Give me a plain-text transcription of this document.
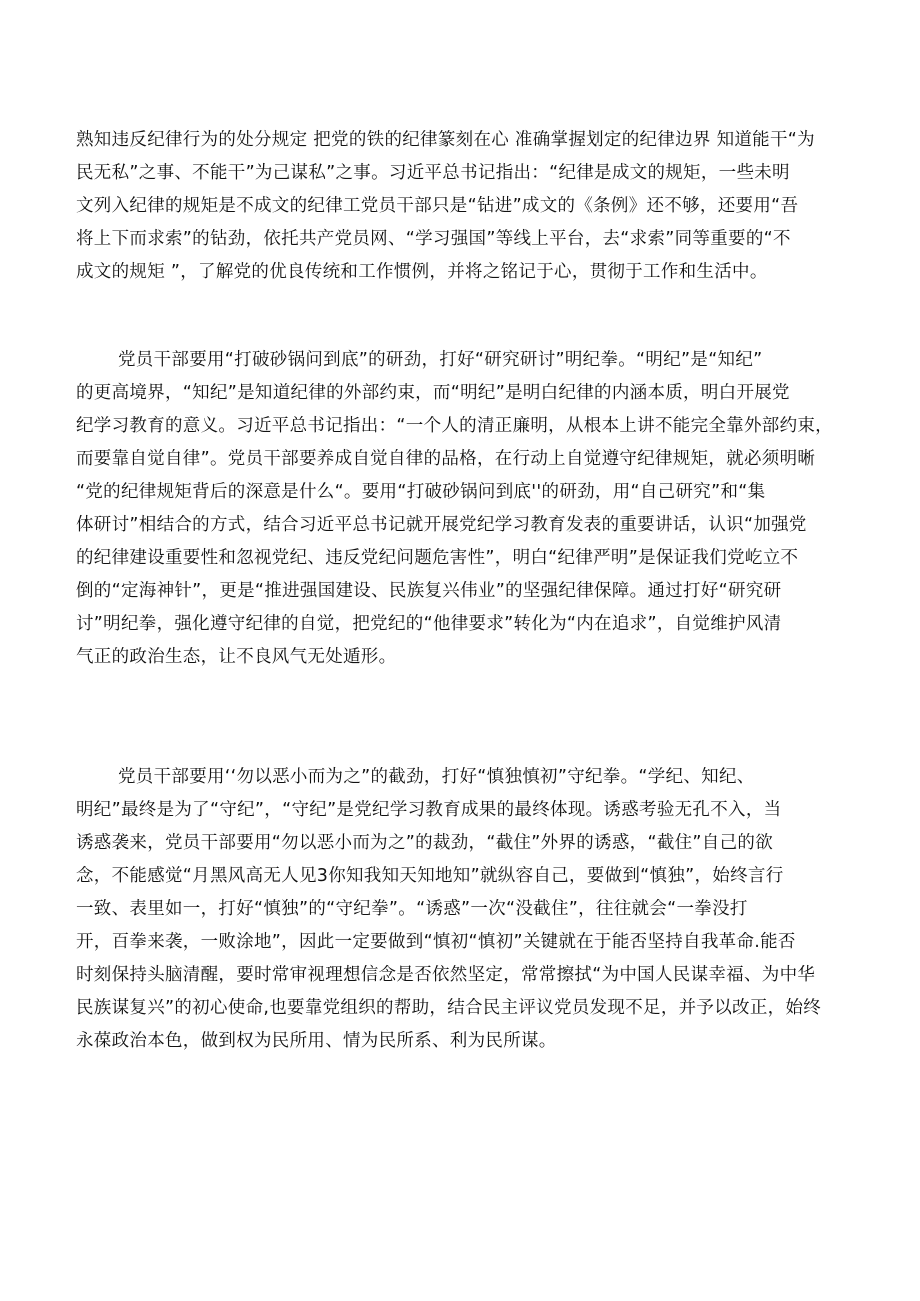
熟知违反纪律行为的处分规定 把党的铁的纪律篆刻在心 准确掌握划定的纪律边界 知道能干“为
民无私”之事、不能干”为己谋私”之事。习近平总书记指出：“纪律是成文的规矩，一些未明
文列入纪律的规矩是不成文的纪律工党员干部只是“钻进”成文的《条例》还不够，还要用“吾
将上下而求索”的钻劲，依托共产党员网、“学习强国”等线上平台，去“求索”同等重要的“不
成文的规矩 ”，了解党的优良传统和工作惯例，并将之铭记于心，贯彻于工作和生活中。
党员干部要用“打破砂锅问到底”的研劲，打好“研究研讨”明纪拳。“明纪”是“知纪”
的更高境界，“知纪”是知道纪律的外部约束，而“明纪”是明白纪律的内涵本质，明白开展党
纪学习教育的意义。习近平总书记指出：“一个人的清正廉明，从根本上讲不能完全靠外部约束，
而要靠自觉自律”。党员干部要养成自觉自律的品格，在行动上自觉遵守纪律规矩，就必须明晰
“党的纪律规矩背后的深意是什么“。要用“打破砂锅问到底''的研劲，用“自己研究”和“集
体研讨”相结合的方式，结合习近平总书记就开展党纪学习教育发表的重要讲话，认识“加强党
的纪律建设重要性和忽视党纪、违反党纪问题危害性”，明白“纪律严明”是保证我们党屹立不
倒的“定海神针”，更是“推进强国建设、民族复兴伟业”的坚强纪律保障。通过打好“研究研
讨”明纪拳，强化遵守纪律的自觉，把党纪的“他律要求”转化为“内在追求”，自觉维护风清
气正的政治生态，让不良风气无处遁形。
党员干部要用‘‘勿以恶小而为之”的截劲，打好“慎独慎初”守纪拳。“学纪、知纪、
明纪”最终是为了“守纪”，“守纪”是党纪学习教育成果的最终体现。诱惑考验无孔不入，当
诱惑袭来，党员干部要用“勿以恶小而为之”的裁劲，“截住”外界的诱惑，“截住”自己的欲
念，不能感觉“月黑风高无人见3你知我知天知地知”就纵容自己，要做到“慎独”，始终言行
一致、表里如一，打好“慎独”的“守纪拳”。“诱惑”一次“没截住”，往往就会“一拳没打
开，百拳来袭，一败涂地”，因此一定要做到“慎初“慎初”关键就在于能否坚持自我革命.能否
时刻保持头脑清醒，要时常审视理想信念是否依然坚定，常常擦拭“为中国人民谋幸福、为中华
民族谋复兴”的初心使命,也要靠党组织的帮助，结合民主评议党员发现不足，并予以改正，始终
永葆政治本色，做到权为民所用、情为民所系、利为民所谋。
